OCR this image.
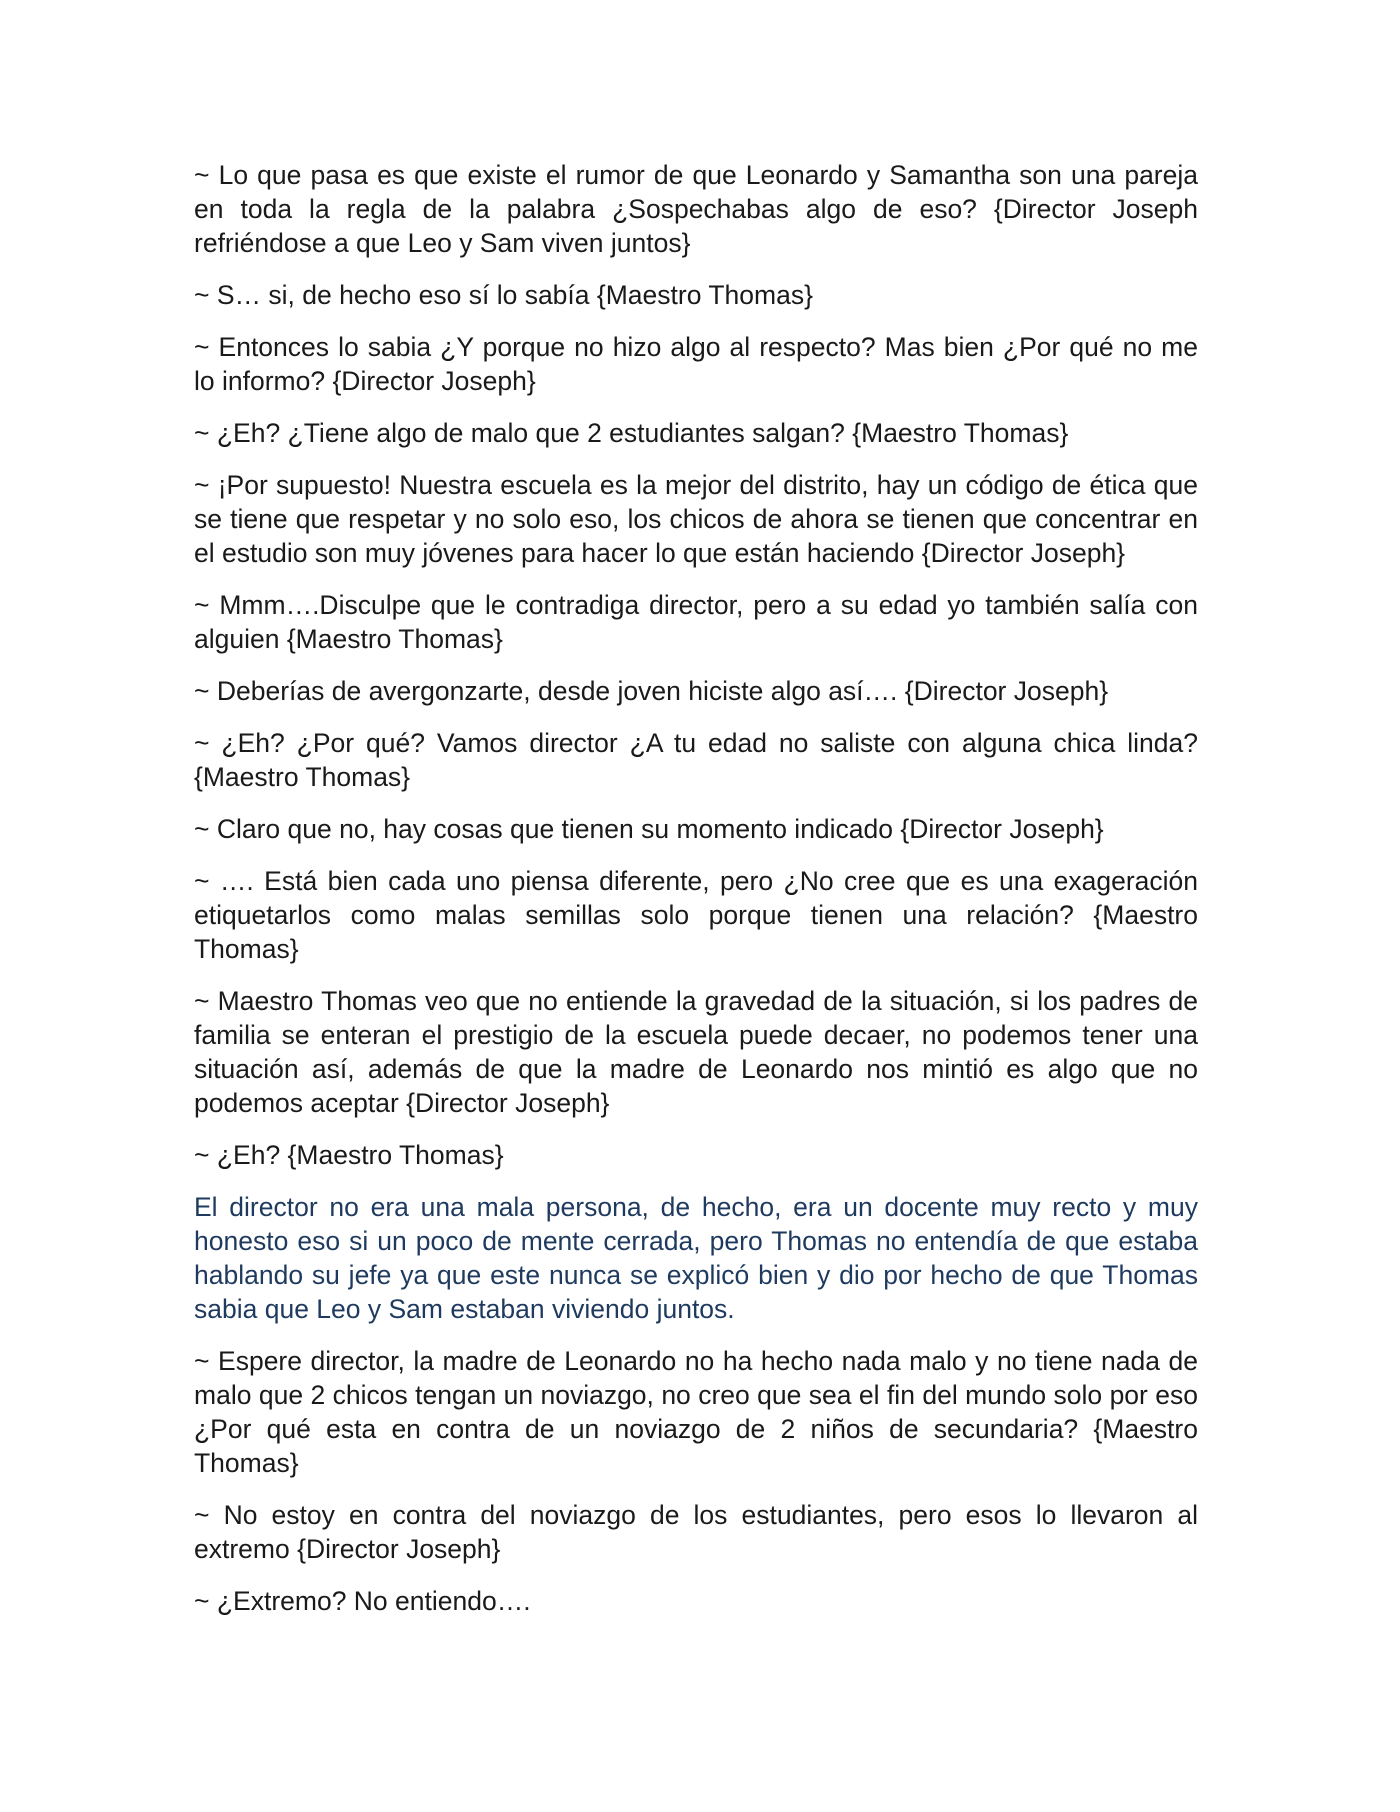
~ Lo que pasa es que existe el rumor de que Leonardo y Samantha son una pareja en toda la regla de la palabra ¿Sospechabas algo de eso? {Director Joseph refriéndose a que Leo y Sam viven juntos}

~ S… si, de hecho eso sí lo sabía {Maestro Thomas}

~ Entonces lo sabia ¿Y porque no hizo algo al respecto? Mas bien ¿Por qué no me lo informo? {Director Joseph}

~ ¿Eh? ¿Tiene algo de malo que 2 estudiantes salgan? {Maestro Thomas}

~ ¡Por supuesto! Nuestra escuela es la mejor del distrito, hay un código de ética que se tiene que respetar y no solo eso, los chicos de ahora se tienen que concentrar en el estudio son muy jóvenes para hacer lo que están haciendo {Director Joseph}

~ Mmm….Disculpe que le contradiga director, pero a su edad yo también salía con alguien {Maestro Thomas}

~ Deberías de avergonzarte, desde joven hiciste algo así…. {Director Joseph}

~ ¿Eh? ¿Por qué? Vamos director ¿A tu edad no saliste con alguna chica linda? {Maestro Thomas}

~ Claro que no, hay cosas que tienen su momento indicado {Director Joseph}

~ …. Está bien cada uno piensa diferente, pero ¿No cree que es una exageración etiquetarlos como malas semillas solo porque tienen una relación? {Maestro Thomas}

~ Maestro Thomas veo que no entiende la gravedad de la situación, si los padres de familia se enteran el prestigio de la escuela puede decaer, no podemos tener una situación así, además de que la madre de Leonardo nos mintió es algo que no podemos aceptar {Director Joseph}

~ ¿Eh? {Maestro Thomas}

El director no era una mala persona, de hecho, era un docente muy recto y muy honesto eso si un poco de mente cerrada, pero Thomas no entendía de que estaba hablando su jefe ya que este nunca se explicó bien y dio por hecho de que Thomas sabia que Leo y Sam estaban viviendo juntos.

~ Espere director, la madre de Leonardo no ha hecho nada malo y no tiene nada de malo que 2 chicos tengan un noviazgo, no creo que sea el fin del mundo solo por eso ¿Por qué esta en contra de un noviazgo de 2 niños de secundaria? {Maestro Thomas}

~ No estoy en contra del noviazgo de los estudiantes, pero esos lo llevaron al extremo {Director Joseph}

~ ¿Extremo? No entiendo….
